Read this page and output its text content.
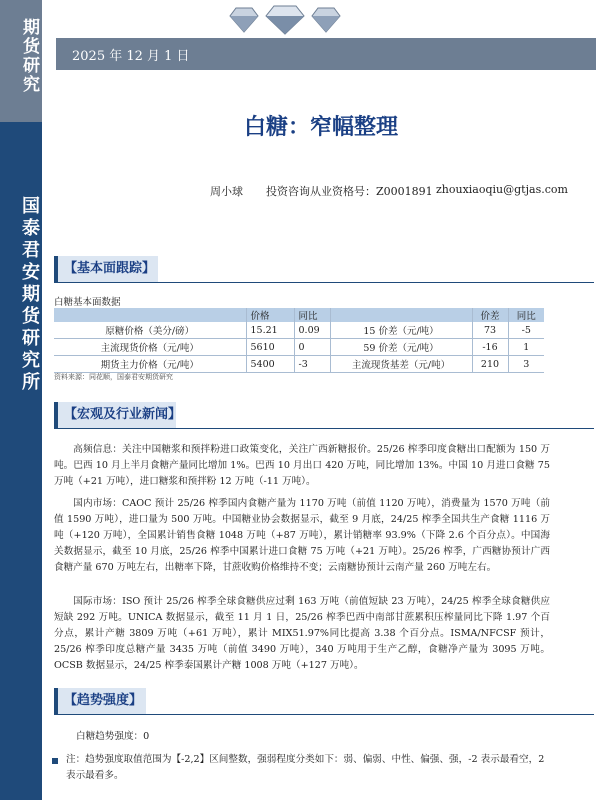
期货研究
国泰君安期货研究所
2025 年 12 月 1 日
白糖：窄幅整理
周小球 投资咨询从业资格号：Z0001891 zhouxiaoqiu@gtjas.com
【基本面跟踪】
白糖基本面数据
	价格	同比		价差	同比
原糖价格（美分/磅）	15.21	0.09	15 价差（元/吨）	73	-5
主流现货价格（元/吨）	5610	0	59 价差（元/吨）	-16	1
期货主力价格（元/吨）	5400	-3	主流现货基差（元/吨）	210	3
资料来源：同花顺，国泰君安期货研究
【宏观及行业新闻】
高频信息：关注中国糖浆和预拌粉进口政策变化，关注广西新糖报价。25/26 榨季印度食糖出口配额为 150 万吨。巴西 10 月上半月食糖产量同比增加 1%。巴西 10 月出口 420 万吨，同比增加 13%。中国 10 月进口食糖 75 万吨（+21 万吨），进口糖浆和预拌粉 12 万吨（-11 万吨）。
国内市场：CAOC 预计 25/26 榨季国内食糖产量为 1170 万吨（前值 1120 万吨），消费量为 1570 万吨（前值 1590 万吨），进口量为 500 万吨。中国糖业协会数据显示，截至 9 月底，24/25 榨季全国共生产食糖 1116 万吨（+120 万吨），全国累计销售食糖 1048 万吨（+87 万吨），累计销糖率 93.9%（下降 2.6 个百分点）。中国海关数据显示，截至 10 月底，25/26 榨季中国累计进口食糖 75 万吨（+21 万吨）。25/26 榨季，广西糖协预计广西食糖产量 670 万吨左右，出糖率下降，甘蔗收购价格维持不变；云南糖协预计云南产量 260 万吨左右。
国际市场：ISO 预计 25/26 榨季全球食糖供应过剩 163 万吨（前值短缺 23 万吨），24/25 榨季全球食糖供应短缺 292 万吨。UNICA 数据显示，截至 11 月 1 日，25/26 榨季巴西中南部甘蔗累积压榨量同比下降 1.97 个百分点，累计产糖 3809 万吨（+61 万吨），累计 MIX51.97%同比提高 3.38 个百分点。ISMA/NFCSF 预计，25/26 榨季印度总糖产量 3435 万吨（前值 3490 万吨），340 万吨用于生产乙醇，食糖净产量为 3095 万吨。OCSB 数据显示，24/25 榨季泰国累计产糖 1008 万吨（+127 万吨）。
【趋势强度】
白糖趋势强度：0
注：趋势强度取值范围为【-2,2】区间整数，强弱程度分类如下：弱、偏弱、中性、偏强、强，-2 表示最看空，2 表示最看多。
